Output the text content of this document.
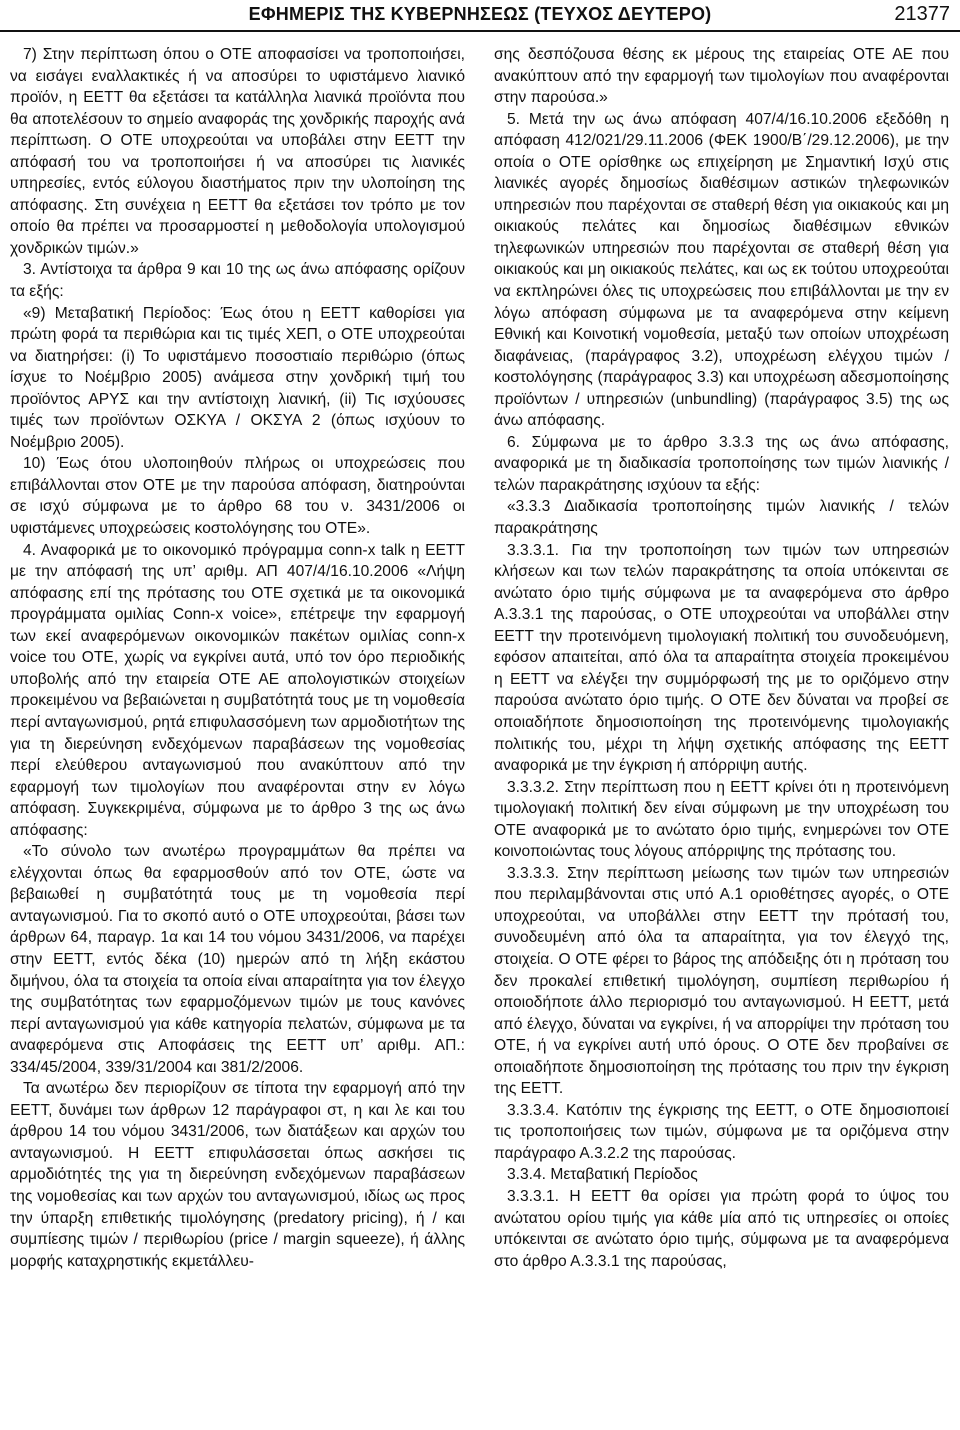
ΕΦΗΜΕΡΙΣ ΤΗΣ ΚΥΒΕΡΝΗΣΕΩΣ (ΤΕΥΧΟΣ ΔΕΥΤΕΡΟ)	21377

7) Στην περίπτωση όπου ο ΟΤΕ αποφασίσει να τροποποιήσει, να εισάγει εναλλακτικές ή να αποσύρει το υφιστάμενο λιανικό προϊόν, η ΕΕΤΤ θα εξετάσει τα κατάλληλα λιανικά προϊόντα που θα αποτελέσουν το σημείο αναφοράς της χονδρικής παροχής ανά περίπτωση. Ο ΟΤΕ υποχρεούται να υποβάλει στην ΕΕΤΤ την απόφασή του να τροποποιήσει ή να αποσύρει τις λιανικές υπηρεσίες, εντός εύλογου διαστήματος πριν την υλοποίηση της απόφασης. Στη συνέχεια η ΕΕΤΤ θα εξετάσει τον τρόπο με τον οποίο θα πρέπει να προσαρμοστεί η μεθοδολογία υπολογισμού χονδρικών τιμών.»

3. Αντίστοιχα τα άρθρα 9 και 10 της ως άνω απόφασης ορίζουν τα εξής:

«9) Μεταβατική Περίοδος: Έως ότου η ΕΕΤΤ καθορίσει για πρώτη φορά τα περιθώρια και τις τιμές ΧΕΠ, ο ΟΤΕ υποχρεούται να διατηρήσει: (i) Το υφιστάμενο ποσοστιαίο περιθώριο (όπως ίσχυε το Νοέμβριο 2005) ανάμεσα στην χονδρική τιμή του προϊόντος ΑΡΥΣ και την αντίστοιχη λιανική, (ii) Τις ισχύουσες τιμές των προϊόντων ΟΣΚΥΑ / ΟΚΣΥΑ 2 (όπως ισχύουν το Νοέμβριο 2005).

10) Έως ότου υλοποιηθούν πλήρως οι υποχρεώσεις που επιβάλλονται στον ΟΤΕ με την παρούσα απόφαση, διατηρούνται σε ισχύ σύμφωνα με το άρθρο 68 του ν. 3431/2006 οι υφιστάμενες υποχρεώσεις κοστολόγησης του ΟΤΕ».

4. Αναφορικά με το οικονομικό πρόγραμμα conn-x talk η ΕΕΤΤ με την απόφασή της υπ’ αριθμ. ΑΠ 407/4/16.10.2006 «Λήψη απόφασης επί της πρότασης του ΟΤΕ σχετικά με τα οικονομικά προγράμματα ομιλίας Conn-x voice», επέτρεψε την εφαρμογή των εκεί αναφερόμενων οικονομικών πακέτων ομιλίας conn-x voice του ΟΤΕ, χωρίς να εγκρίνει αυτά, υπό τον όρο περιοδικής υποβολής από την εταιρεία ΟΤΕ ΑΕ απολογιστικών στοιχείων προκειμένου να βεβαιώνεται η συμβατότητά τους με τη νομοθεσία περί ανταγωνισμού, ρητά επιφυλασσόμενη των αρμοδιοτήτων της για τη διερεύνηση ενδεχόμενων παραβάσεων της νομοθεσίας περί ελεύθερου ανταγωνισμού που ανακύπτουν από την εφαρμογή των τιμολογίων που αναφέρονται στην εν λόγω απόφαση. Συγκεκριμένα, σύμφωνα με το άρθρο 3 της ως άνω απόφασης:

«Το σύνολο των ανωτέρω προγραμμάτων θα πρέπει να ελέγχονται όπως θα εφαρμοσθούν από τον ΟΤΕ, ώστε να βεβαιωθεί η συμβατότητά τους με τη νομοθεσία περί ανταγωνισμού. Για το σκοπό αυτό ο ΟΤΕ υποχρεούται, βάσει των άρθρων 64, παραγρ. 1α και 14 του νόμου 3431/2006, να παρέχει στην ΕΕΤΤ, εντός δέκα (10) ημερών από τη λήξη εκάστου διμήνου, όλα τα στοιχεία τα οποία είναι απαραίτητα για τον έλεγχο της συμβατότητας των εφαρμοζόμενων τιμών με τους κανόνες περί ανταγωνισμού για κάθε κατηγορία πελατών, σύμφωνα με τα αναφερόμενα στις Αποφάσεις της ΕΕΤΤ υπ’ αριθμ. ΑΠ.: 334/45/2004, 339/31/2004 και 381/2/2006.

Τα ανωτέρω δεν περιορίζουν σε τίποτα την εφαρμογή από την ΕΕΤΤ, δυνάμει των άρθρων 12 παράγραφοι στ, η και λε και του άρθρου 14 του νόμου 3431/2006, των διατάξεων και αρχών του ανταγωνισμού. Η ΕΕΤΤ επιφυλάσσεται όπως ασκήσει τις αρμοδιότητές της για τη διερεύνηση ενδεχόμενων παραβάσεων της νομοθεσίας και των αρχών του ανταγωνισμού, ιδίως ως προς την ύπαρξη επιθετικής τιμολόγησης (predatory pricing), ή / και συμπίεσης τιμών / περιθωρίου (price / margin squeeze), ή άλλης μορφής καταχρηστικής εκμετάλλευ-

σης δεσπόζουσα θέσης εκ μέρους της εταιρείας ΟΤΕ ΑΕ που ανακύπτουν από την εφαρμογή των τιμολογίων που αναφέρονται στην παρούσα.»

5. Μετά την ως άνω απόφαση 407/4/16.10.2006 εξεδόθη η απόφαση 412/021/29.11.2006 (ΦΕΚ 1900/Β΄/29.12.2006), με την οποία ο ΟΤΕ ορίσθηκε ως επιχείρηση με Σημαντική Ισχύ στις λιανικές αγορές δημοσίως διαθέσιμων αστικών τηλεφωνικών υπηρεσιών που παρέχονται σε σταθερή θέση για οικιακούς και μη οικιακούς πελάτες και δημοσίως διαθέσιμων εθνικών τηλεφωνικών υπηρεσιών που παρέχονται σε σταθερή θέση για οικιακούς και μη οικιακούς πελάτες, και ως εκ τούτου υποχρεούται να εκπληρώνει όλες τις υποχρεώσεις που επιβάλλονται με την εν λόγω απόφαση σύμφωνα με τα αναφερόμενα στην κείμενη Εθνική και Κοινοτική νομοθεσία, μεταξύ των οποίων υποχρέωση διαφάνειας, (παράγραφος 3.2), υποχρέωση ελέγχου τιμών / κοστολόγησης (παράγραφος 3.3) και υποχρέωση αδεσμοποίησης προϊόντων / υπηρεσιών (unbundling) (παράγραφος 3.5) της ως άνω απόφασης.

6. Σύμφωνα με το άρθρο 3.3.3 της ως άνω απόφασης, αναφορικά με τη διαδικασία τροποποίησης των τιμών λιανικής / τελών παρακράτησης ισχύουν τα εξής:

«3.3.3 Διαδικασία τροποποίησης τιμών λιανικής / τελών παρακράτησης

3.3.3.1. Για την τροποποίηση των τιμών των υπηρεσιών κλήσεων και των τελών παρακράτησης τα οποία υπόκεινται σε ανώτατο όριο τιμής σύμφωνα με τα αναφερόμενα στο άρθρο Α.3.3.1 της παρούσας, ο ΟΤΕ υποχρεούται να υποβάλλει στην ΕΕΤΤ την προτεινόμενη τιμολογιακή πολιτική του συνοδευόμενη, εφόσον απαιτείται, από όλα τα απαραίτητα στοιχεία προκειμένου η ΕΕΤΤ να ελέγξει την συμμόρφωσή της με το οριζόμενο στην παρούσα ανώτατο όριο τιμής. Ο ΟΤΕ δεν δύναται να προβεί σε οποιαδήποτε δημοσιοποίηση της προτεινόμενης τιμολογιακής πολιτικής του, μέχρι τη λήψη σχετικής απόφασης της ΕΕΤΤ αναφορικά με την έγκριση ή απόρριψη αυτής.

3.3.3.2. Στην περίπτωση που η ΕΕΤΤ κρίνει ότι η προτεινόμενη τιμολογιακή πολιτική δεν είναι σύμφωνη με την υποχρέωση του ΟΤΕ αναφορικά με το ανώτατο όριο τιμής, ενημερώνει τον ΟΤΕ κοινοποιώντας τους λόγους απόρριψης της πρότασης του.

3.3.3.3. Στην περίπτωση μείωσης των τιμών των υπηρεσιών που περιλαμβάνονται στις υπό Α.1 οριοθέτησες αγορές, ο ΟΤΕ υποχρεούται, να υποβάλλει στην ΕΕΤΤ την πρότασή του, συνοδευμένη από όλα τα απαραίτητα, για τον έλεγχό της, στοιχεία. Ο ΟΤΕ φέρει το βάρος της απόδειξης ότι η πρόταση του δεν προκαλεί επιθετική τιμολόγηση, συμπίεση περιθωρίου ή οποιοδήποτε άλλο περιορισμό του ανταγωνισμού. Η ΕΕΤΤ, μετά από έλεγχο, δύναται να εγκρίνει, ή να απορρίψει την πρόταση του ΟΤΕ, ή να εγκρίνει αυτή υπό όρους. Ο ΟΤΕ δεν προβαίνει σε οποιαδήποτε δημοσιοποίηση της πρότασης του πριν την έγκριση της ΕΕΤΤ.

3.3.3.4. Κατόπιν της έγκρισης της ΕΕΤΤ, ο ΟΤΕ δημοσιοποιεί τις τροποποιήσεις των τιμών, σύμφωνα με τα οριζόμενα στην παράγραφο Α.3.2.2 της παρούσας.

3.3.4. Μεταβατική Περίοδος

3.3.3.1. Η ΕΕΤΤ θα ορίσει για πρώτη φορά το ύψος του ανώτατου ορίου τιμής για κάθε μία από τις υπηρεσίες οι οποίες υπόκεινται σε ανώτατο όριο τιμής, σύμφωνα με τα αναφερόμενα στο άρθρο Α.3.3.1 της παρούσας,
